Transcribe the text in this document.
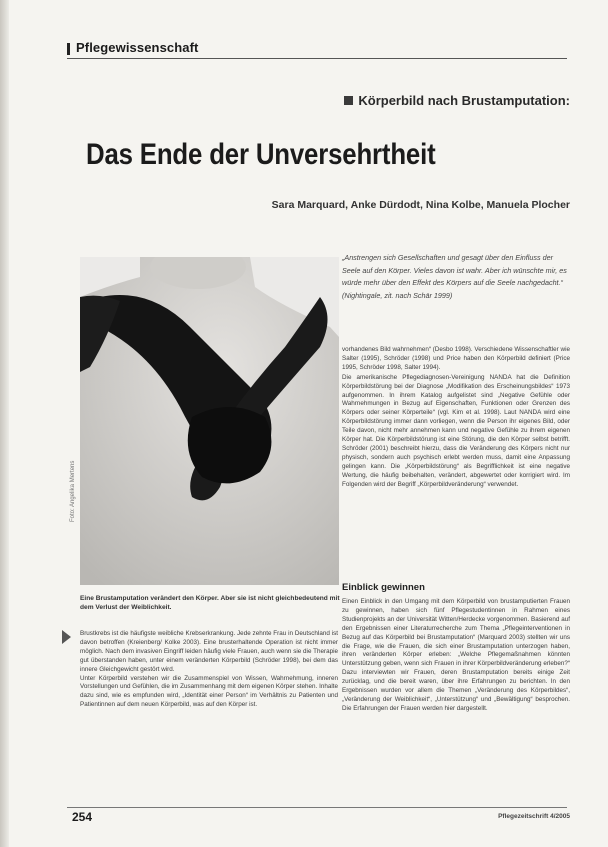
Pflegewissenschaft
Körperbild nach Brustamputation:
Das Ende der Unversehrtheit
Sara Marquard, Anke Dürdodt, Nina Kolbe, Manuela Plocher
Foto: Angelika Mertens
Eine Brustamputation verändert den Körper. Aber sie ist nicht gleichbedeutend mit dem Verlust der Weiblichkeit.
„Anstrengen sich Gesellschaften und gesagt über den Einfluss der Seele auf den Körper. Vieles davon ist wahr. Aber ich wünschte mir, es würde mehr über den Effekt des Körpers auf die Seele nachgedacht.“ (Nightingale, zit. nach Schär 1999)

vorhandenes Bild wahrnehmen“ (Desbo 1998). Verschiedene Wissenschaftler wie Salter (1995), Schröder (1998) und Price haben den Körperbild definiert (Price 1995, Schröder 1998, Salter 1994).

Die amerikanische Pflegediagnosen-Vereinigung NANDA hat die Definition Körperbildstörung bei der Diagnose „Modifikation des Erscheinungsbildes“ 1973 aufgenommen. In ihrem Katalog aufgelistet sind „Negative Gefühle oder Wahrnehmungen in Bezug auf Eigenschaften, Funktionen oder Grenzen des Körpers oder seiner Körperteile“ (vgl. Kim et al. 1998). Laut NANDA wird eine Körperbildstörung immer dann vorliegen, wenn die Person ihr eigenes Bild, oder Teile davon, nicht mehr annehmen kann und negative Gefühle zu ihrem eigenen Körper hat. Die Körperbildstörung ist eine Störung, die den Körper selbst betrifft. Schröder (2001) beschreibt hierzu, dass die Veränderung des Körpers nicht nur physisch, sondern auch psychisch erlebt werden muss, damit eine Anpassung gelingen kann. Die „Körperbildstörung“ als Begrifflichkeit ist eine negative Wertung, die häufig beibehalten, verändert, abgewertet oder korrigiert wird. Im Folgenden wird der Begriff „Körperbildveränderung“ verwendet.

Einblick gewinnen
Einen Einblick in den Umgang mit dem Körperbild von brustamputierten Frauen zu gewinnen, haben sich fünf Pflegestudentinnen in Rahmen eines Studienprojekts an der Universität Witten/Herdecke vorgenommen. Basierend auf den Ergebnissen einer Literaturrecherche zum Thema „Pflegeinterventionen in Bezug auf das Körperbild bei Brustamputation“ (Marquard 2003) stellten wir uns die Frage, wie die Frauen, die sich einer Brustamputation unterzogen haben, ihren veränderten Körper erleben: „Welche Pflegemaßnahmen könnten Unterstützung geben, wenn sich Frauen in ihrer Körperbildveränderung erleben?“ Dazu interviewten wir Frauen, deren Brustamputation bereits einige Zeit zurücklag, und die bereit waren, über ihre Erfahrungen zu berichten. In den Ergebnissen wurden vor allem die Themen „Veränderung des Körperbildes“, „Veränderung der Weiblichkeit“, „Unterstützung“ und „Bewältigung“ besprochen. Die Erfahrungen der Frauen werden hier dargestellt.

Brustkrebs ist die häufigste weibliche Krebserkrankung. Jede zehnte Frau in Deutschland ist davon betroffen (Kreienberg/ Kolke 2003). Eine brusterhaltende Operation ist nicht immer möglich. Nach dem invasiven Eingriff leiden häufig viele Frauen, auch wenn sie die Therapie gut überstanden haben, unter einem veränderten Körperbild (Schröder 1998), bei dem das innere Gleichgewicht gestört wird.

Unter Körperbild verstehen wir die Zusammenspiel von Wissen, Wahrnehmung, inneren Vorstellungen und Gefühlen, die im Zusammenhang mit dem eigenen Körper stehen. Inhalte dazu sind, wie es empfunden wird, „Identität einer Person“ im Verhältnis zu Patienten und Patientinnen auf dem neuen Körperbild, was auf den Körper ist.

254	Pflegezeitschrift 4/2005
